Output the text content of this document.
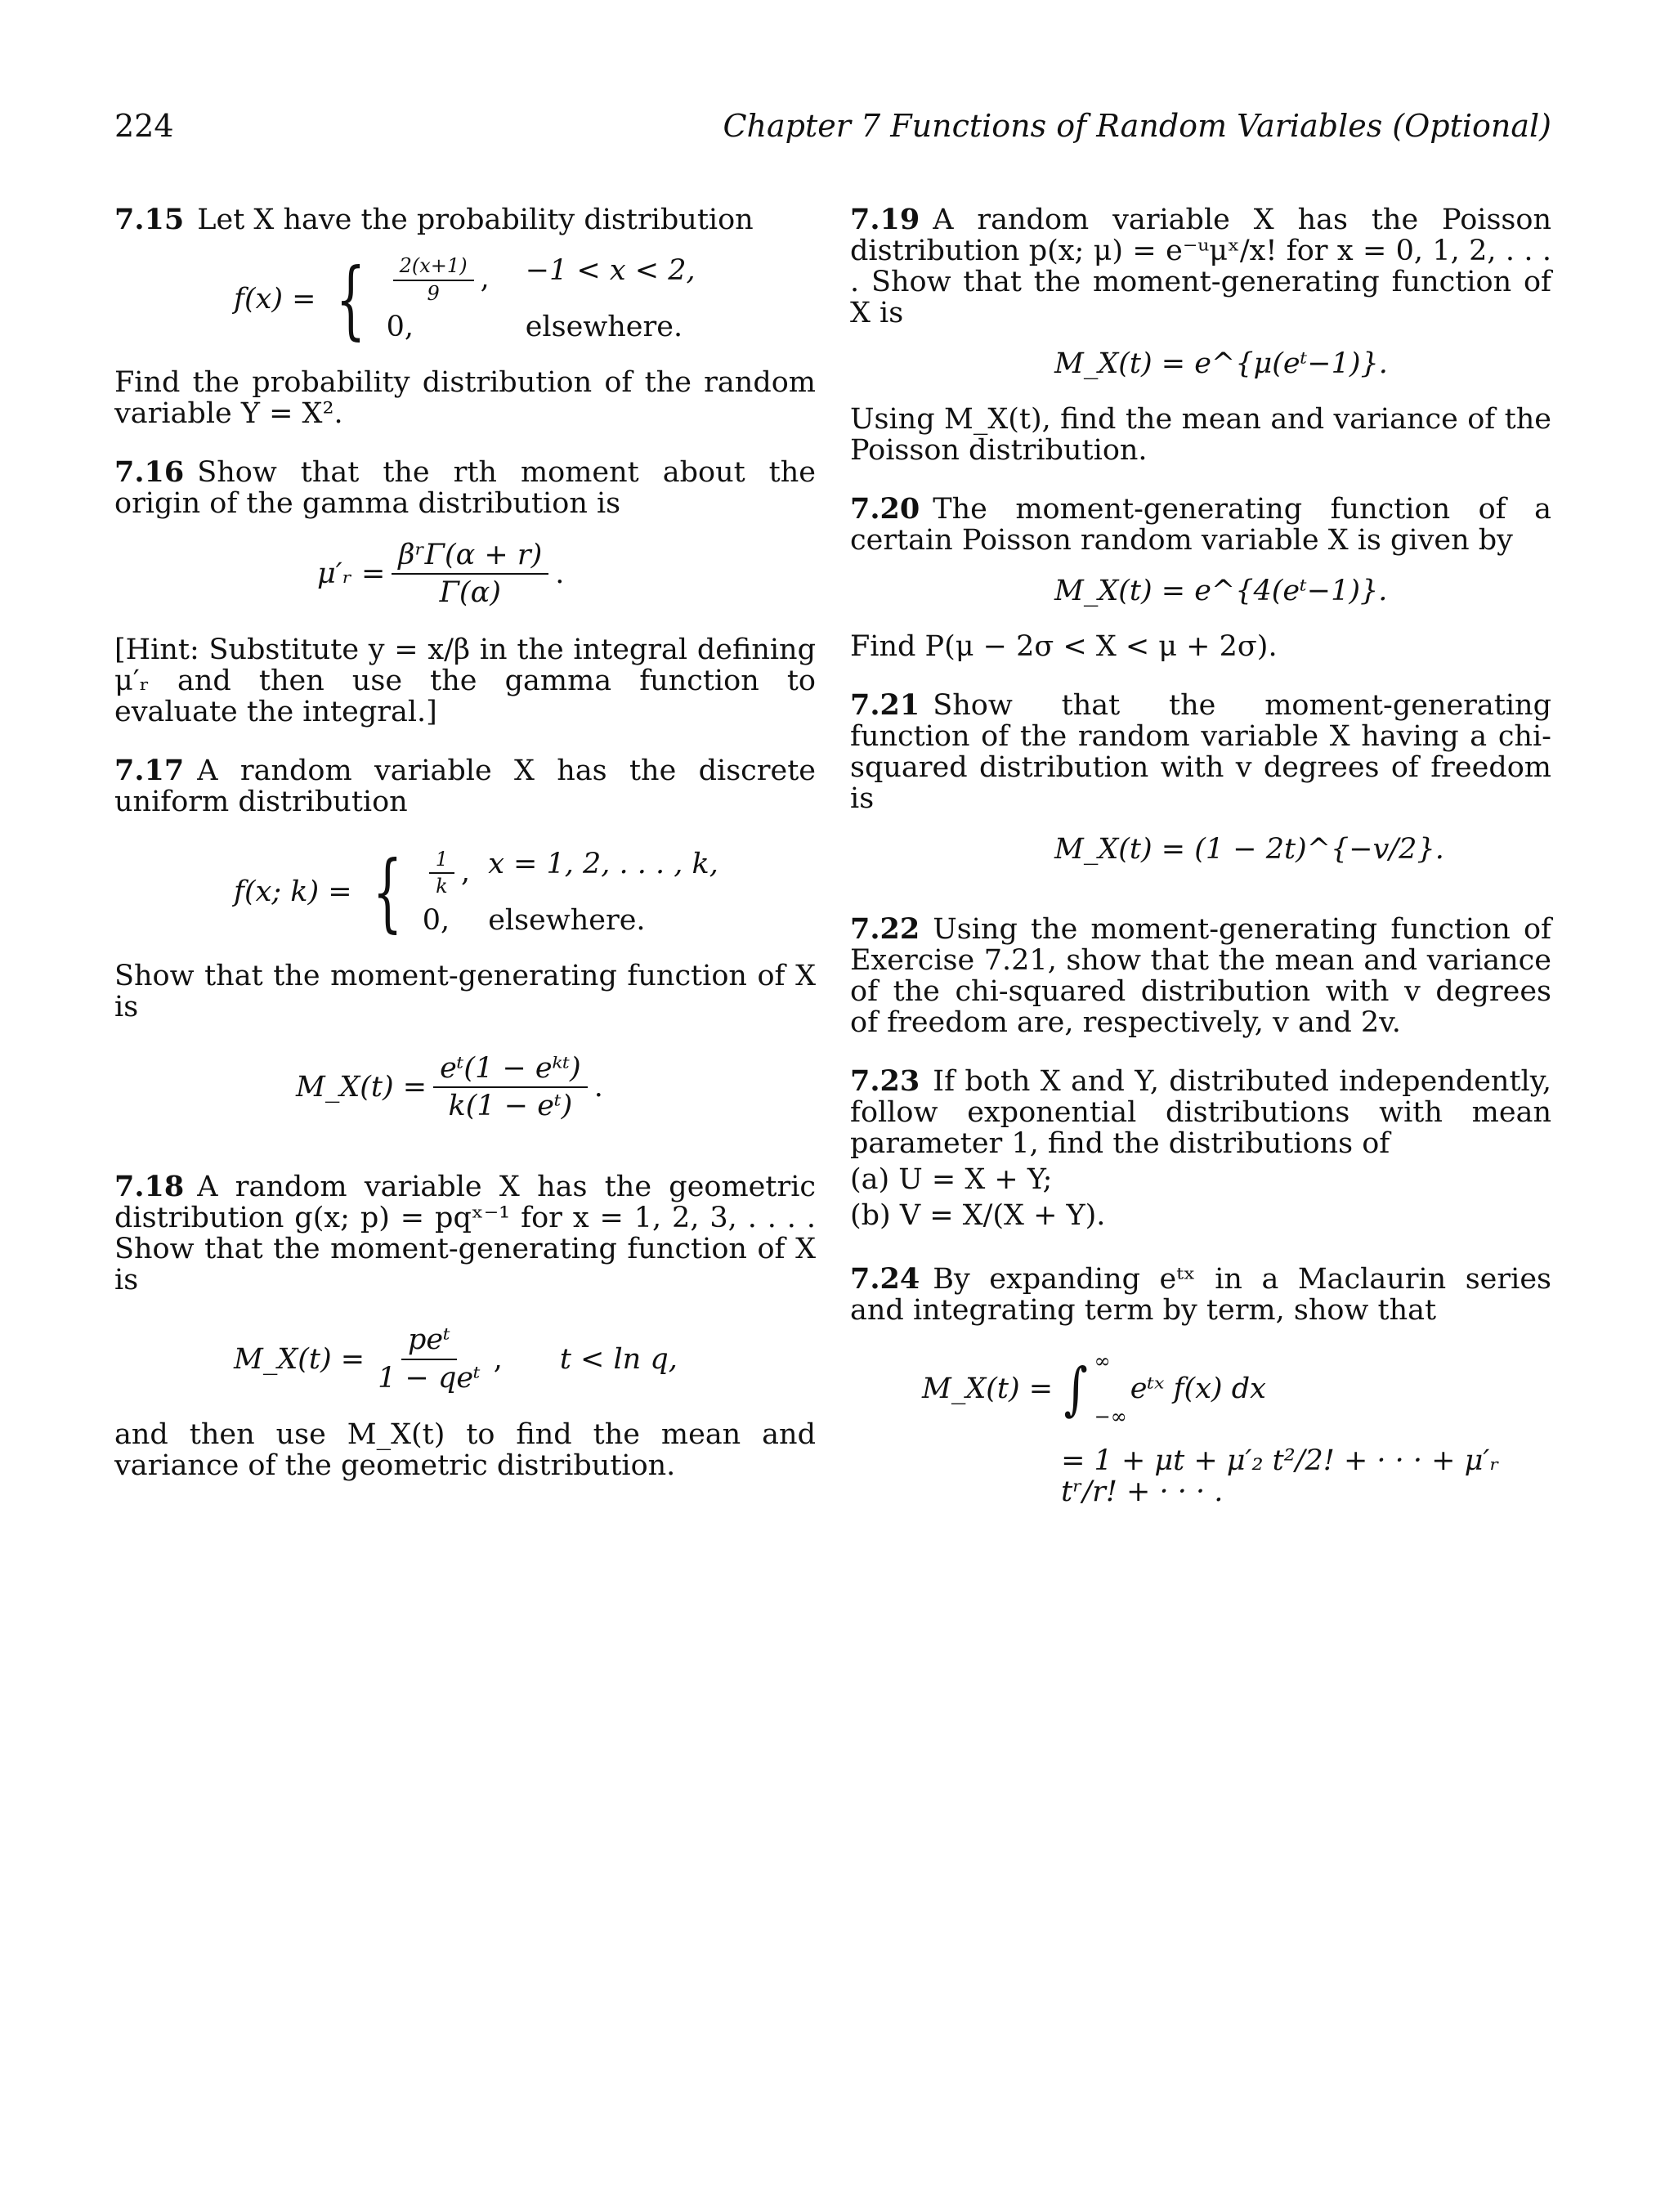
224	Chapter 7 Functions of Random Variables (Optional)

7.15 Let X have the probability distribution

f(x) = { $\frac{2(x+1)}{9}$ , −1 < x < 2,
0,	elsewhere.

Find the probability distribution of the random variable Y = X².

7.16 Show that the rth moment about the origin of the gamma distribution is

μ′ᵣ = $\frac{\text{βʳΓ(α + r)}}{\Gamma(\alpha)}$ .

[Hint: Substitute y = x/β in the integral defining μ′ᵣ and then use the gamma function to evaluate the integral.]

7.17 A random variable X has the discrete uniform distribution

f(x; k) = { $\frac{1}{k}$ , x = 1, 2, . . . , k,
0,	elsewhere.

Show that the moment-generating function of X is

M_X(t) = $\frac{\text{eᵗ(1 − eᵏᵗ)}}{\text{k(1 − eᵗ)}}$ .

7.18 A random variable X has the geometric distribution g(x; p) = pqˣ⁻¹ for x = 1, 2, 3, . . . . Show that the moment-generating function of X is

M_X(t) = $\frac{\text{peᵗ}}{\text{1 − qeᵗ}}$ , t < ln q,

and then use M_X(t) to find the mean and variance of the geometric distribution.

7.19 A random variable X has the Poisson distribution p(x; μ) = e⁻ᵘμˣ/x! for x = 0, 1, 2, . . . . Show that the moment-generating function of X is

M_X(t) = e^{μ(eᵗ−1)}.

Using M_X(t), find the mean and variance of the Poisson distribution.

7.20 The moment-generating function of a certain Poisson random variable X is given by

M_X(t) = e^{4(eᵗ−1)}.

Find P(μ − 2σ < X < μ + 2σ).

7.21 Show that the moment-generating function of the random variable X having a chi-squared distribution with v degrees of freedom is

M_X(t) = (1 − 2t)^{−v/2}.

7.22 Using the moment-generating function of Exercise 7.21, show that the mean and variance of the chi-squared distribution with v degrees of freedom are, respectively, v and 2v.

7.23 If both X and Y, distributed independently, follow exponential distributions with mean parameter 1, find the distributions of

(a) U = X + Y;

(b) V = X/(X + Y).

7.24 By expanding eᵗˣ in a Maclaurin series and integrating term by term, show that

M_X(t) = ∫ ∞
−∞
eᵗˣ f(x) dx
= 1 + μt + μ′₂ t²/2! + · · · + μ′ᵣ tʳ/r! + · · · .
